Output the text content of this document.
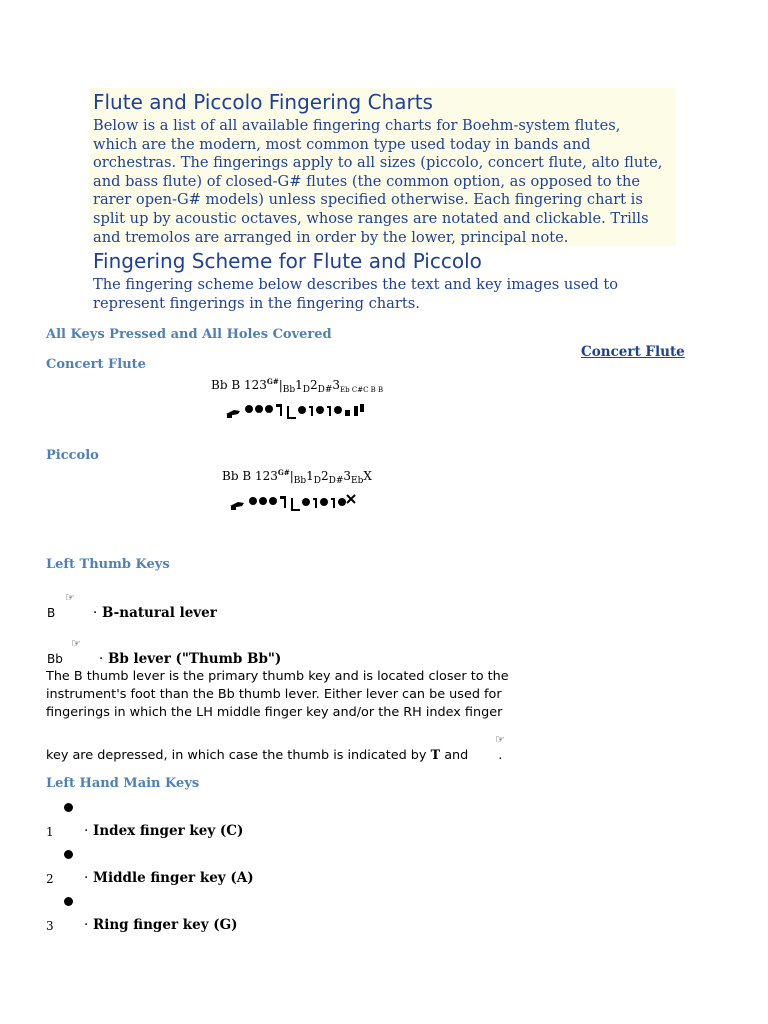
Flute and Piccolo Fingering Charts
Below is a list of all available fingering charts for Boehm-system flutes,
which are the modern, most common type used today in bands and
orchestras. The fingerings apply to all sizes (piccolo, concert flute, alto flute,
and bass flute) of closed-G# flutes (the common option, as opposed to the
rarer open-G# models) unless specified otherwise. Each fingering chart is
split up by acoustic octaves, whose ranges are notated and clickable. Trills
and tremolos are arranged in order by the lower, principal note.
Fingering Scheme for Flute and Piccolo
The fingering scheme below describes the text and key images used to
represent fingerings in the fingering charts.
All Keys Pressed and All Holes Covered
Concert Flute
Concert Flute
Bb B $123^{G\#}|_{Bb}1_D2_{D\#}3_{Eb C\#C B B}$
Piccolo
Bb B $123^{G\#}|_{Bb}1_D2_{D\#}3_{Eb}X$
Left Thumb Keys
☞
B	· B-natural lever
☞
Bb	· Bb lever ("Thumb Bb")
The B thumb lever is the primary thumb key and is located closer to the
instrument's foot than the Bb thumb lever. Either lever can be used for
fingerings in which the LH middle finger key and/or the RH index finger
☞
key are depressed, in which case the thumb is indicated by T and .
Left Hand Main Keys
1 · Index finger key (C)
2 · Middle finger key (A)
3 · Ring finger key (G)
